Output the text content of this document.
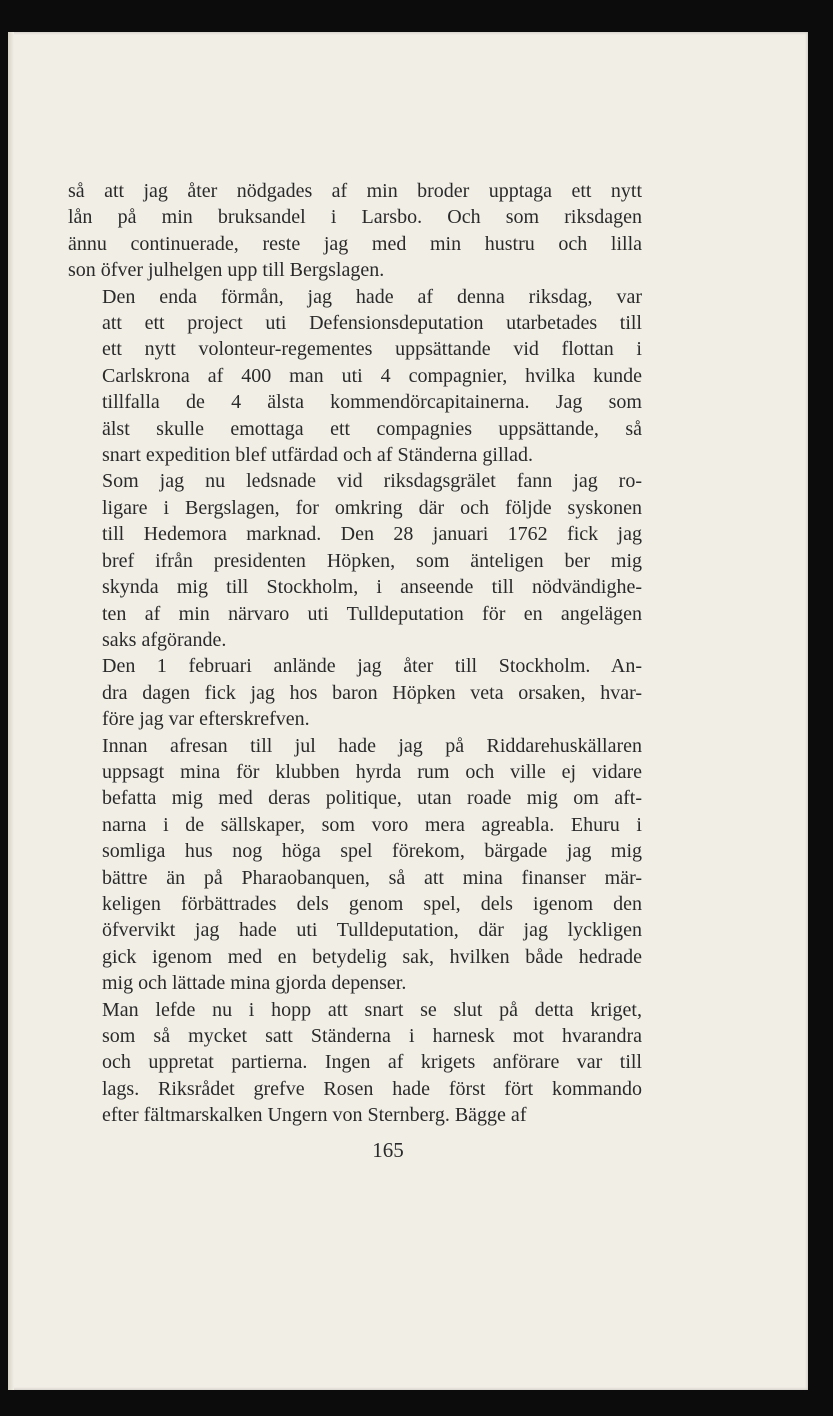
så att jag åter nödgades af min broder upptaga ett nytt
lån på min bruksandel i Larsbo. Och som riksdagen
ännu continuerade, reste jag med min hustru och lilla
son öfver julhelgen upp till Bergslagen.

Den enda förmån, jag hade af denna riksdag, var
att ett project uti Defensionsdeputation utarbetades till
ett nytt volonteur-regementes uppsättande vid flottan i
Carlskrona af 400 man uti 4 compagnier, hvilka kunde
tillfalla de 4 älsta kommendörcapitainerna. Jag som
älst skulle emottaga ett compagnies uppsättande, så
snart expedition blef utfärdad och af Ständerna gillad.

Som jag nu ledsnade vid riksdagsgrälet fann jag ro-
ligare i Bergslagen, for omkring där och följde syskonen
till Hedemora marknad. Den 28 januari 1762 fick jag
bref ifrån presidenten Höpken, som änteligen ber mig
skynda mig till Stockholm, i anseende till nödvändighe-
ten af min närvaro uti Tulldeputation för en angelägen
saks afgörande.

Den 1 februari anlände jag åter till Stockholm. An-
dra dagen fick jag hos baron Höpken veta orsaken, hvar-
före jag var efterskrefven.

Innan afresan till jul hade jag på Riddarehuskällaren
uppsagt mina för klubben hyrda rum och ville ej vidare
befatta mig med deras politique, utan roade mig om aft-
narna i de sällskaper, som voro mera agreabla. Ehuru i
somliga hus nog höga spel förekom, bärgade jag mig
bättre än på Pharaobanquen, så att mina finanser mär-
keligen förbättrades dels genom spel, dels igenom den
öfvervikt jag hade uti Tulldeputation, där jag lyckligen
gick igenom med en betydelig sak, hvilken både hedrade
mig och lättade mina gjorda depenser.

Man lefde nu i hopp att snart se slut på detta kriget,
som så mycket satt Ständerna i harnesk mot hvarandra
och uppretat partierna. Ingen af krigets anförare var till
lags. Riksrådet grefve Rosen hade först fört kommando
efter fältmarskalken Ungern von Sternberg. Bägge af

165
